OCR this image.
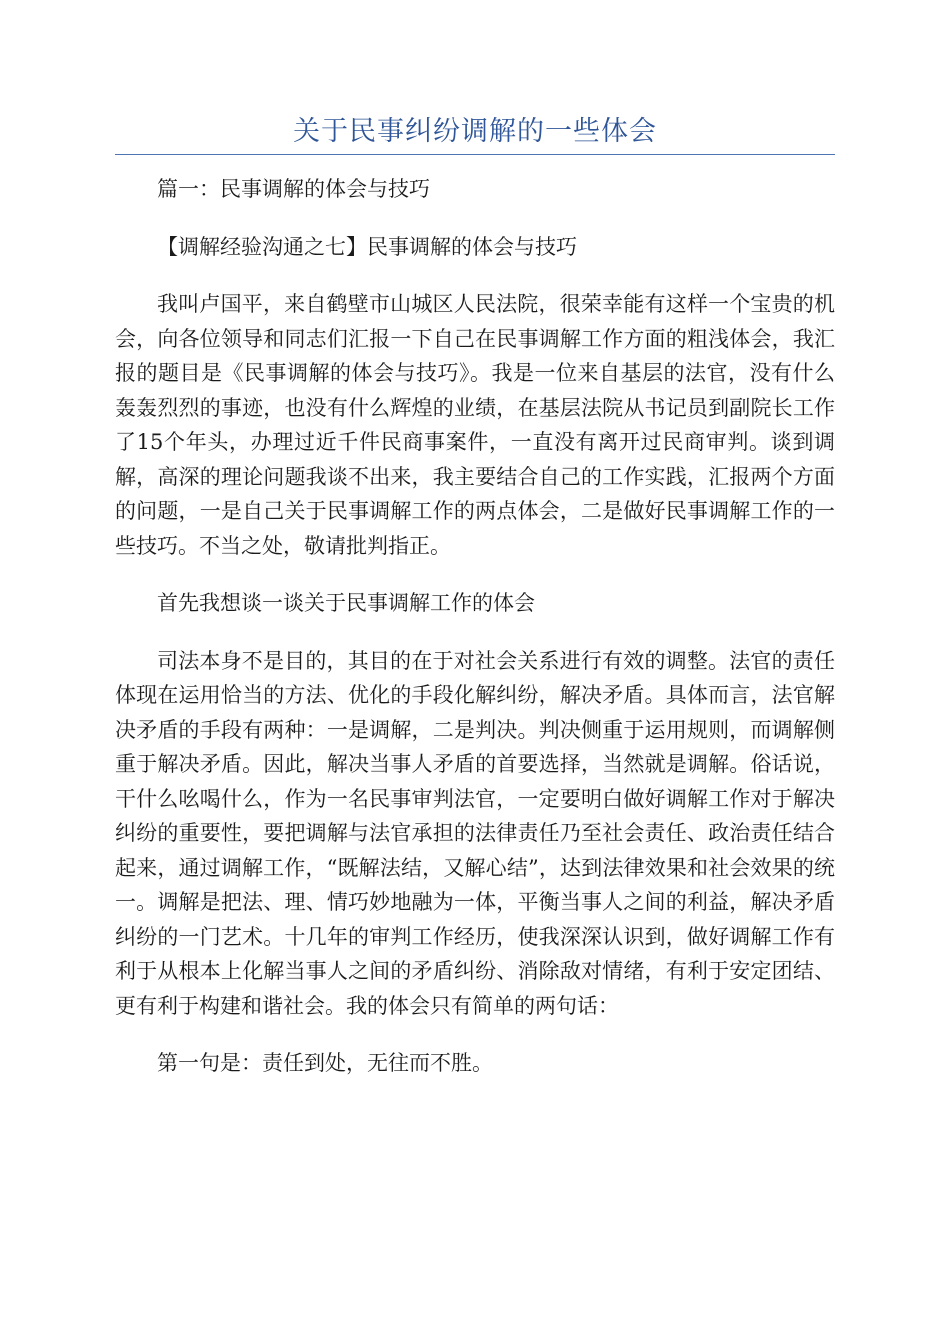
关于民事纠纷调解的一些体会

篇一：民事调解的体会与技巧

【调解经验沟通之七】民事调解的体会与技巧

我叫卢国平，来自鹤壁市山城区人民法院，很荣幸能有这样一个宝贵的机会，向各位领导和同志们汇报一下自己在民事调解工作方面的粗浅体会，我汇报的题目是《民事调解的体会与技巧》。我是一位来自基层的法官，没有什么轰轰烈烈的事迹，也没有什么辉煌的业绩，在基层法院从书记员到副院长工作了15个年头，办理过近千件民商事案件，一直没有离开过民商审判。谈到调解，高深的理论问题我谈不出来，我主要结合自己的工作实践，汇报两个方面的问题，一是自己关于民事调解工作的两点体会，二是做好民事调解工作的一些技巧。不当之处，敬请批判指正。

首先我想谈一谈关于民事调解工作的体会

司法本身不是目的，其目的在于对社会关系进行有效的调整。法官的责任体现在运用恰当的方法、优化的手段化解纠纷，解决矛盾。具体而言，法官解决矛盾的手段有两种：一是调解，二是判决。判决侧重于运用规则，而调解侧重于解决矛盾。因此，解决当事人矛盾的首要选择，当然就是调解。俗话说，干什么吆喝什么，作为一名民事审判法官，一定要明白做好调解工作对于解决纠纷的重要性，要把调解与法官承担的法律责任乃至社会责任、政治责任结合起来，通过调解工作，“既解法结，又解心结”，达到法律效果和社会效果的统一。调解是把法、理、情巧妙地融为一体，平衡当事人之间的利益，解决矛盾纠纷的一门艺术。十几年的审判工作经历，使我深深认识到，做好调解工作有利于从根本上化解当事人之间的矛盾纠纷、消除敌对情绪，有利于安定团结、更有利于构建和谐社会。我的体会只有简单的两句话：

第一句是：责任到处，无往而不胜。
